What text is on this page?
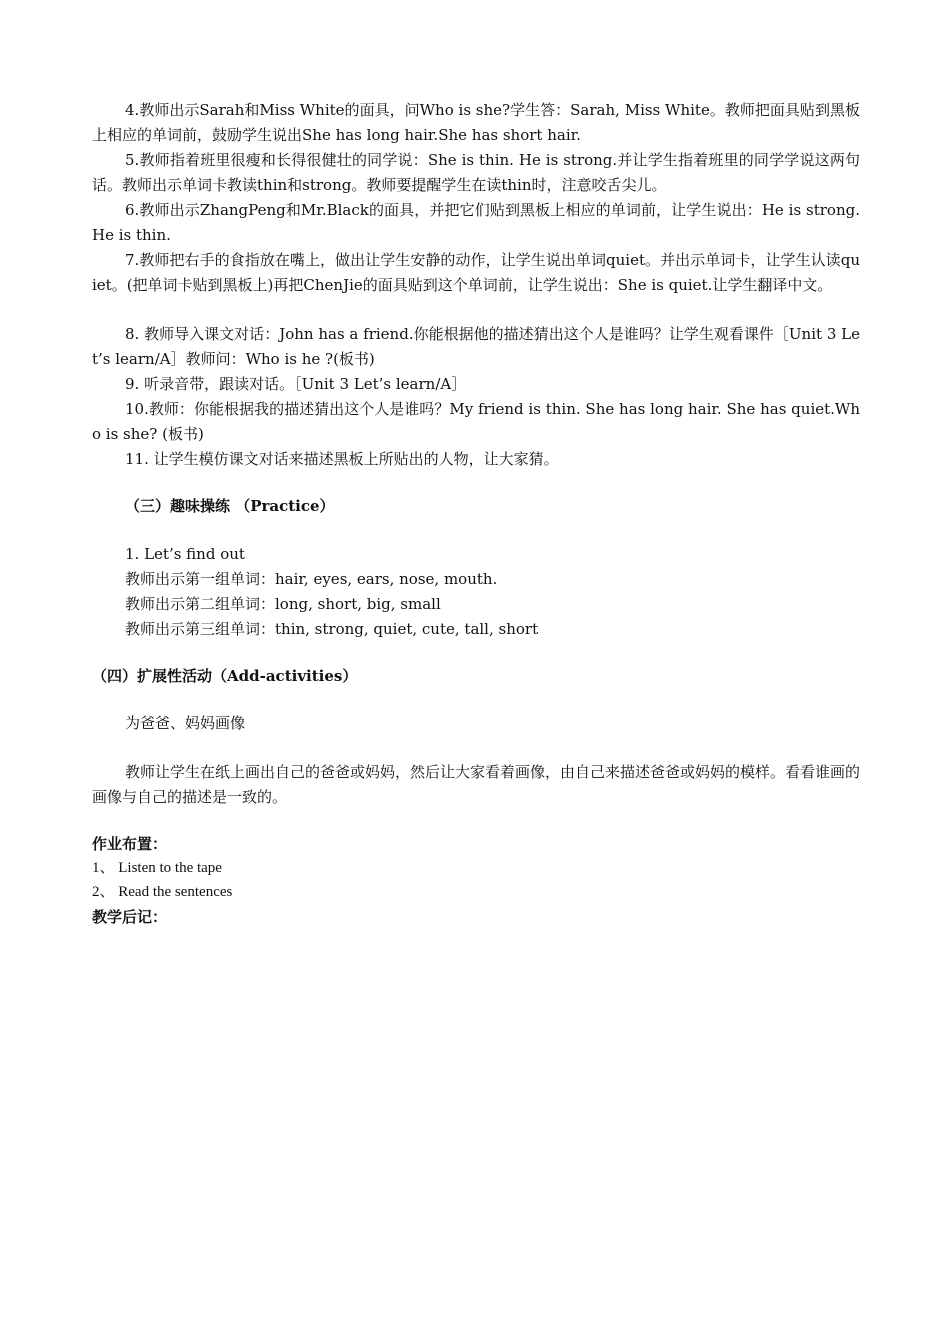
4.教师出示Sarah和Miss White的面具，问Who is she?学生答：Sarah, Miss White。教师把面具贴到黑板上相应的单词前，鼓励学生说出She has long hair.She has short hair.
5.教师指着班里很瘦和长得很健壮的同学说：She is thin. He is strong.并让学生指着班里的同学学说这两句话。教师出示单词卡教读thin和strong。教师要提醒学生在读thin时，注意咬舌尖儿。
6.教师出示ZhangPeng和Mr.Black的面具，并把它们贴到黑板上相应的单词前，让学生说出：He is strong. He is thin.
7.教师把右手的食指放在嘴上，做出让学生安静的动作，让学生说出单词quiet。并出示单词卡，让学生认读quiet。(把单词卡贴到黑板上)再把ChenJie的面具贴到这个单词前，让学生说出：She is quiet.让学生翻译中文。
8. 教师导入课文对话：John has a friend.你能根据他的描述猜出这个人是谁吗？让学生观看课件［Unit 3 Let’s learn/A］教师问：Who is he ?(板书)
9. 听录音带，跟读对话。［Unit 3 Let’s learn/A］
10.教师：你能根据我的描述猜出这个人是谁吗？My friend is thin. She has long hair. She has quiet.Who is she? (板书)
11. 让学生模仿课文对话来描述黑板上所贴出的人物，让大家猜。
（三）趣味操练 （Practice）
1. Let’s find out
教师出示第一组单词：hair, eyes, ears, nose, mouth.
教师出示第二组单词：long, short, big, small
教师出示第三组单词：thin, strong, quiet, cute, tall, short
（四）扩展性活动（Add-activities）
为爸爸、妈妈画像
教师让学生在纸上画出自己的爸爸或妈妈，然后让大家看着画像，由自己来描述爸爸或妈妈的模样。看看谁画的画像与自己的描述是一致的。
作业布置：
1、 Listen to the tape
2、 Read the sentences
教学后记：
